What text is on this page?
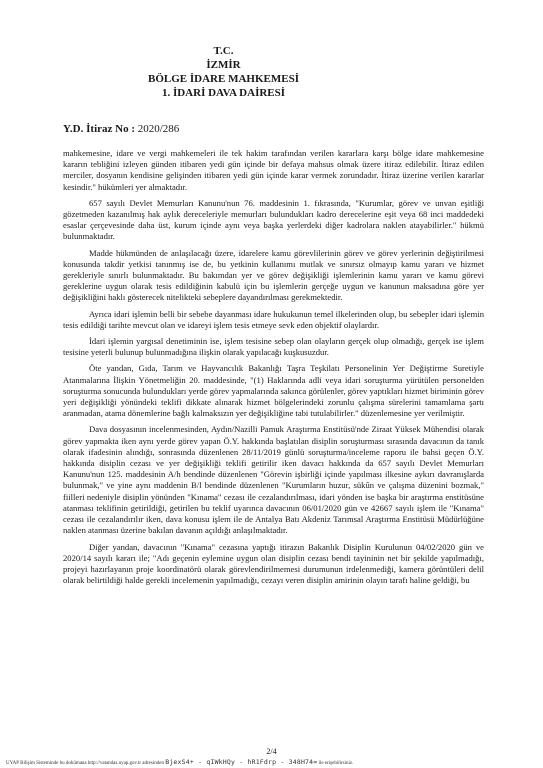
T.C.
İZMİR
BÖLGE İDARE MAHKEMESİ
1. İDARİ DAVA DAİRESİ
Y.D. İtiraz No : 2020/286

mahkemesine, idare ve vergi mahkemeleri ile tek hakim tarafından verilen kararlara karşı bölge idare mahkemesine kararın tebliğini izleyen günden itibaren yedi gün içinde bir defaya mahsus olmak üzere itiraz edilebilir. İtiraz edilen merciler, dosyanın kendisine gelişinden itibaren yedi gün içinde karar vermek zorundadır. İtiraz üzerine verilen kararlar kesindir." hükümleri yer almaktadır.

657 sayılı Devlet Memurları Kanunu'nun 76. maddesinin 1. fıkrasında, "Kurumlar, görev ve unvan eşitliği gözetmeden kazanılmış hak aylık dereceleriyle memurları bulundukları kadro derecelerine eşit veya 68 inci maddedeki esaslar çerçevesinde daha üst, kurum içinde aynı veya başka yerlerdeki diğer kadrolara naklen atayabilirler." hükmü bulunmaktadır.

Madde hükmünden de anlaşılacağı üzere, idarelere kamu görevlilerinin görev ve görev yerlerinin değiştirilmesi konusunda takdir yetkisi tanınmış ise de, bu yetkinin kullanımı mutlak ve sınırsız olmayıp kamu yararı ve hizmet gerekleriyle sınırlı bulunmaktadır. Bu bakımdan yer ve görev değişikliği işlemlerinin kamu yararı ve kamu görevi gereklerine uygun olarak tesis edildiğinin kabulü için bu işlemlerin gerçeğe uygun ve kanunun maksadına göre yer değişikliğini haklı gösterecek nitelikteki sebeplere dayandırılması gerekmektedir.

Ayrıca idari işlemin belli bir sebebe dayanması idare hukukunun temel ilkelerinden olup, bu sebepler idari işlemin tesis edildiği tarihte mevcut olan ve idareyi işlem tesis etmeye sevk eden objektif olaylardır.

İdari işlemin yargısal denetiminin ise, işlem tesisine sebep olan olayların gerçek olup olmadığı, gerçek ise işlem tesisine yeterli bulunup bulunmadığına ilişkin olarak yapılacağı kuşkusuzdur.

Öte yandan, Gıda, Tarım ve Hayvancılık Bakanlığı Taşra Teşkilatı Personelinin Yer Değiştirme Suretiyle Atanmalarına İlişkin Yönetmeliğin 20. maddesinde, "(1) Haklarında adli veya idari soruşturma yürütülen personelden soruşturma sonucunda bulundukları yerde görev yapmalarında sakınca görülenler, görev yaptıkları hizmet biriminin görev yeri değişikliği yönündeki teklifi dikkate alınarak hizmet bölgelerindeki zorunlu çalışma sürelerini tamamlama şartı aranmadan, atama dönemlerine bağlı kalmaksızın yer değişikliğine tabi tutulabilirler." düzenlemesine yer verilmiştir.

Dava dosyasının incelenmesinden, Aydın/Nazilli Pamuk Araştırma Enstitüsü'nde Ziraat Yüksek Mühendisi olarak görev yapmakta iken aynı yerde görev yapan Ö.Y. hakkında başlatılan disiplin soruşturması sırasında davacının da tanık olarak ifadesinin alındığı, sonrasında düzenlenen 28/11/2019 günlü soruşturma/inceleme raporu ile bahsi geçen Ö.Y. hakkında disiplin cezası ve yer değişikliği teklifi getirilir iken davacı hakkında da 657 sayılı Devlet Memurları Kanunu'nun 125. maddesinin A/h bendinde düzenlenen "Görevin işbirliği içinde yapılması ilkesine aykırı davranışlarda bulunmak," ve yine aynı maddenin B/l bendinde düzenlenen "Kurumların huzur, sükûn ve çalışma düzenini bozmak," fiilleri nedeniyle disiplin yönünden "Kınama" cezası ile cezalandırılması, idari yönden ise başka bir araştırma enstitüsüne atanması teklifinin getirildiği, getirilen bu teklif uyarınca davacının 06/01/2020 gün ve 42667 sayılı işlem ile "Kınama" cezası ile cezalandırılır iken, dava konusu işlem ile de Antalya Batı Akdeniz Tarımsal Araştırma Enstitüsü Müdürlüğüne naklen atanması üzerine bakılan davanın açıldığı anlaşılmaktadır.

Diğer yandan, davacının "Kınama" cezasına yaptığı itirazın Bakanlık Disiplin Kurulunun 04/02/2020 gün ve 2020/14 sayılı kararı ile; "Adı geçenin eylemine uygun olan disiplin cezası bendi tayininin net bir şekilde yapılmadığı, projeyi hazırlayanın proje koordinatörü olarak görevlendirilmemesi durumunun irdelenmediği, kamera görüntüleri delil olarak belirtildiği halde gerekli incelemenin yapılmadığı, cezayı veren disiplin amirinin olayın tarafı haline geldiği, bu

2/4
UYAP Bilişim Sisteminde bu dokümana http://vatandas.uyap.gov.tr adresinden BjexS4+ - qIWkHQy - hR1Fdrp - 348H74= ile erişebilirsiniz.
